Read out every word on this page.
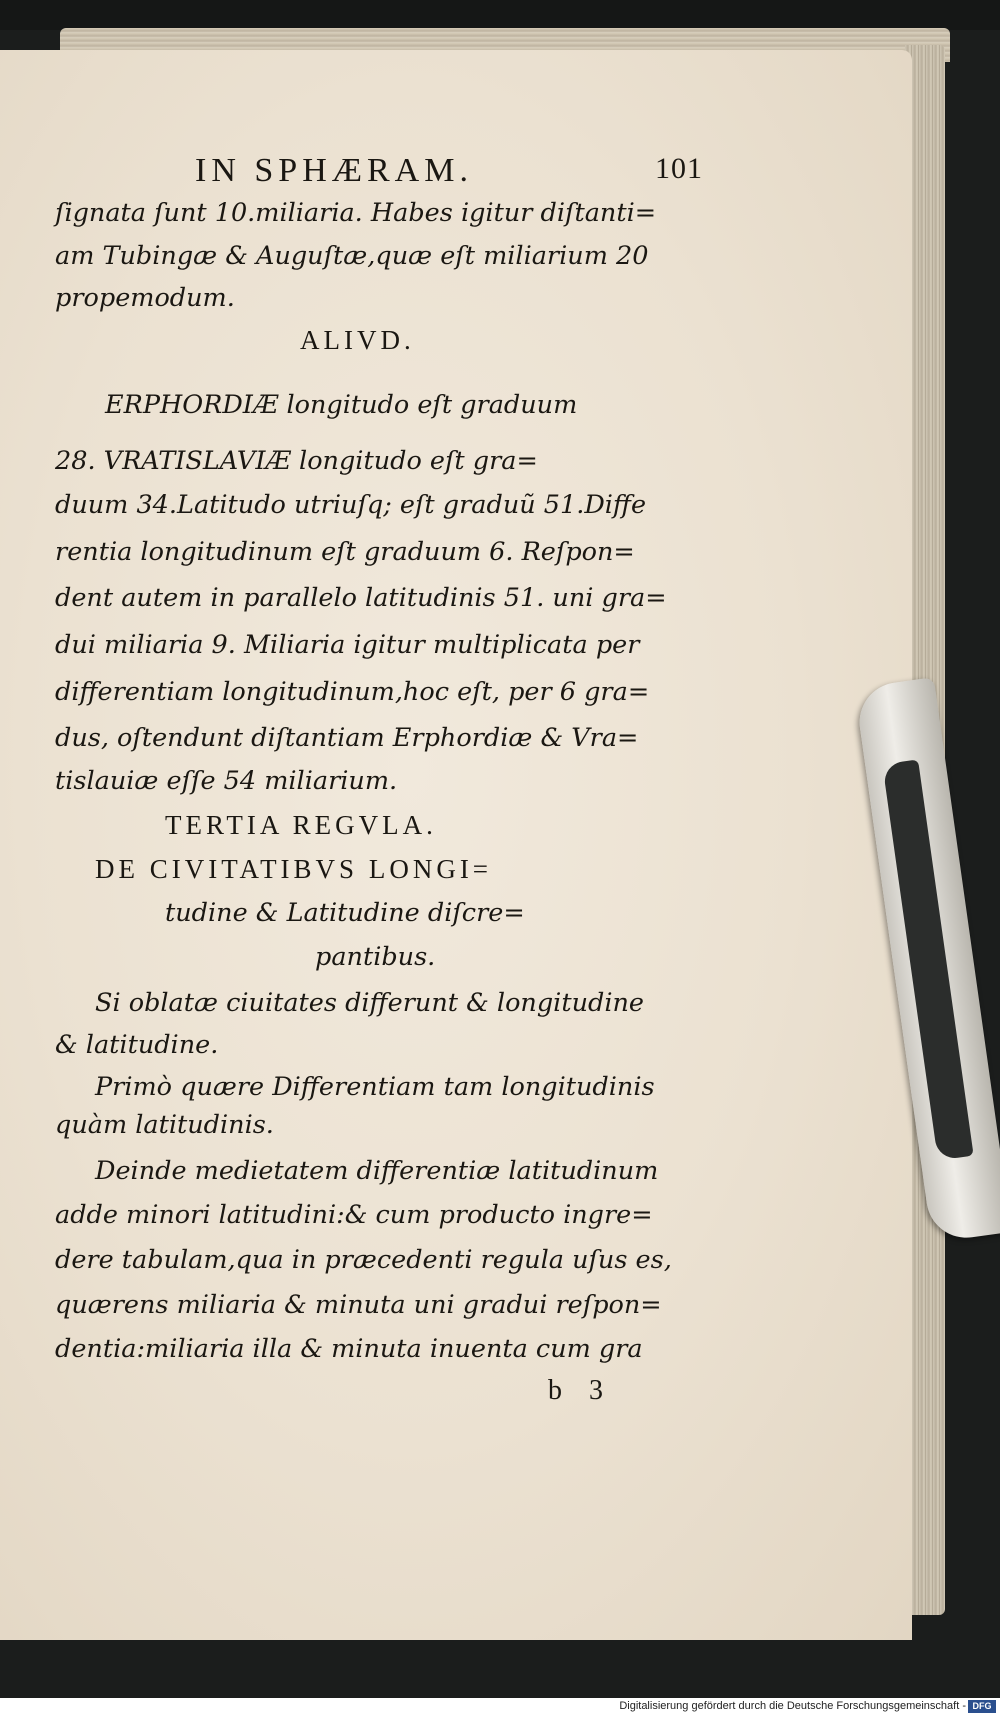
IN SPHÆRAM.	101
ſignata ſunt 10.miliaria. Habes igitur diſtanti=
am Tubingæ & Auguſtæ,quæ eſt miliarium 20
propemodum.
ALIVD.
ERPHORDIÆ longitudo eſt graduum
28. VRATISLAVIÆ longitudo eſt gra=
duum 34.Latitudo utriuſq; eſt graduũ 51.Diffe
rentia longitudinum eſt graduum 6. Reſpon=
dent autem in parallelo latitudinis 51. uni gra=
dui miliaria 9. Miliaria igitur multiplicata per
differentiam longitudinum,hoc eſt, per 6 gra=
dus, oſtendunt diſtantiam Erphordiæ & Vra=
tislauiæ eſſe 54 miliarium.
TERTIA REGVLA.
DE CIVITATIBVS LONGI=
tudine & Latitudine diſcre=
pantibus.
Si oblatæ ciuitates differunt & longitudine
& latitudine.
Primò quære Differentiam tam longitudinis
quàm latitudinis.
Deinde medietatem differentiæ latitudinum
adde minori latitudini:& cum producto ingre=
dere tabulam,qua in præcedenti regula uſus es,
quærens miliaria & minuta uni gradui reſpon=
dentia:miliaria illa & minuta inuenta cum gra
b 3
Digitalisierung gefördert durch die Deutsche Forschungsgemeinschaft - DFG
